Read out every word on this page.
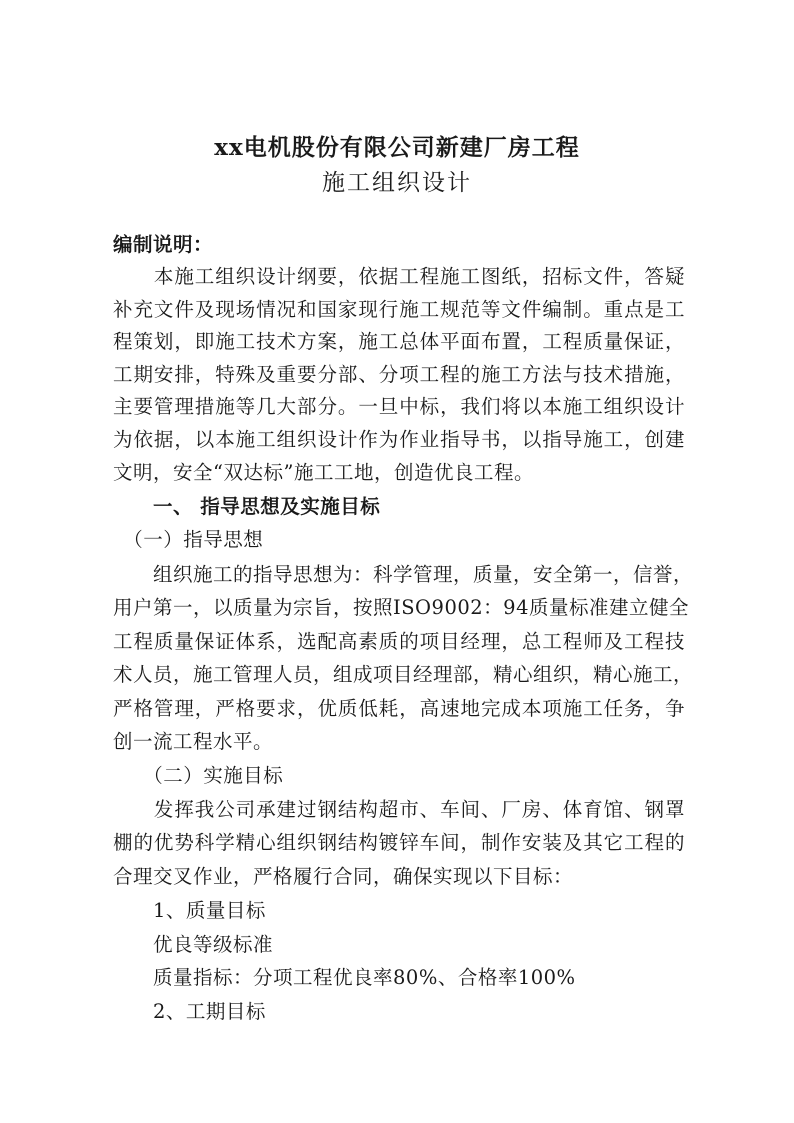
xx电机股份有限公司新建厂房工程
施工组织设计
编制说明：
　　本施工组织设计纲要，依据工程施工图纸，招标文件，答疑
补充文件及现场情况和国家现行施工规范等文件编制。重点是工
程策划，即施工技术方案，施工总体平面布置，工程质量保证，
工期安排，特殊及重要分部、分项工程的施工方法与技术措施，
主要管理措施等几大部分。一旦中标，我们将以本施工组织设计
为依据，以本施工组织设计作为作业指导书，以指导施工，创建
文明，安全“双达标”施工工地，创造优良工程。
　　一、 指导思想及实施目标
　（一）指导思想
　　组织施工的指导思想为：科学管理，质量，安全第一，信誉，
用户第一，以质量为宗旨，按照ISO9002：94质量标准建立健全
工程质量保证体系，选配高素质的项目经理，总工程师及工程技
术人员，施工管理人员，组成项目经理部，精心组织，精心施工，
严格管理，严格要求，优质低耗，高速地完成本项施工任务，争
创一流工程水平。
　　（二）实施目标
　　发挥我公司承建过钢结构超市、车间、厂房、体育馆、钢罩
棚的优势科学精心组织钢结构镀锌车间，制作安装及其它工程的
合理交叉作业，严格履行合同，确保实现以下目标：
　　1、质量目标
　　优良等级标准
　　质量指标：分项工程优良率80%、合格率100%
　　2、工期目标
